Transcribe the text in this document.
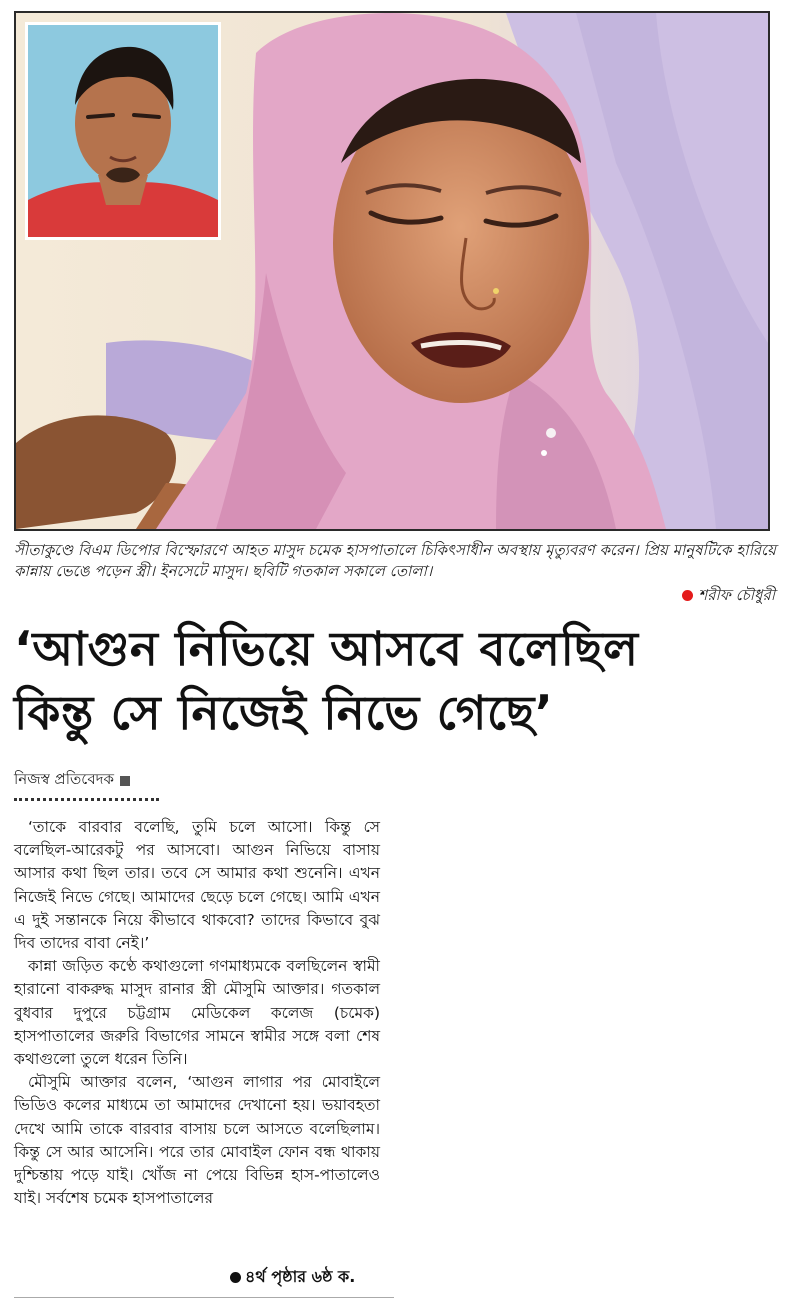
সীতাকুণ্ডে বিএম ডিপোর বিস্ফোরণে আহত মাসুদ চমেক হাসপাতালে চিকিৎসাধীন অবস্থায় মৃত্যুবরণ করেন। প্রিয় মানুষটিকে হারিয়ে কান্নায় ভেঙে পড়েন স্ত্রী। ইনসেটে মাসুদ। ছবিটি গতকাল সকালে তোলা।

শরীফ চৌধুরী
‘আগুন নিভিয়ে আসবে বলেছিল
কিন্তু সে নিজেই নিভে গেছে’
নিজস্ব প্রতিবেদক

‘তাকে বারবার বলেছি, তুমি চলে আসো। কিন্তু সে বলেছিল-আরেকটু পর আসবো। আগুন নিভিয়ে বাসায় আসার কথা ছিল তার। তবে সে আমার কথা শুনেনি। এখন নিজেই নিভে গেছে। আমাদের ছেড়ে চলে গেছে। আমি এখন এ দুই সন্তানকে নিয়ে কীভাবে থাকবো? তাদের কিভাবে বুঝ দিব তাদের বাবা নেই।’

কান্না জড়িত কণ্ঠে কথাগুলো গণমাধ্যমকে বলছিলেন স্বামী হারানো বাকরুদ্ধ মাসুদ রানার স্ত্রী মৌসুমি আক্তার। গতকাল বুধবার দুপুরে চট্টগ্রাম মেডিকেল কলেজ (চমেক) হাসপাতালের জরুরি বিভাগের সামনে স্বামীর সঙ্গে বলা শেষ কথাগুলো তুলে ধরেন তিনি।

মৌসুমি আক্তার বলেন, ‘আগুন লাগার পর মোবাইলে ভিডিও কলের মাধ্যমে তা আমাদের দেখানো হয়। ভয়াবহতা দেখে আমি তাকে বারবার বাসায় চলে আসতে বলেছিলাম। কিন্তু সে আর আসেনি। পরে তার মোবাইল ফোন বন্ধ থাকায় দুশ্চিন্তায় পড়ে যাই। খোঁজ না পেয়ে বিভিন্ন হাস-পাতালেও যাই। সর্বশেষ চমেক হাসপাতালের

৪র্থ পৃষ্ঠার ৬ষ্ঠ ক.
